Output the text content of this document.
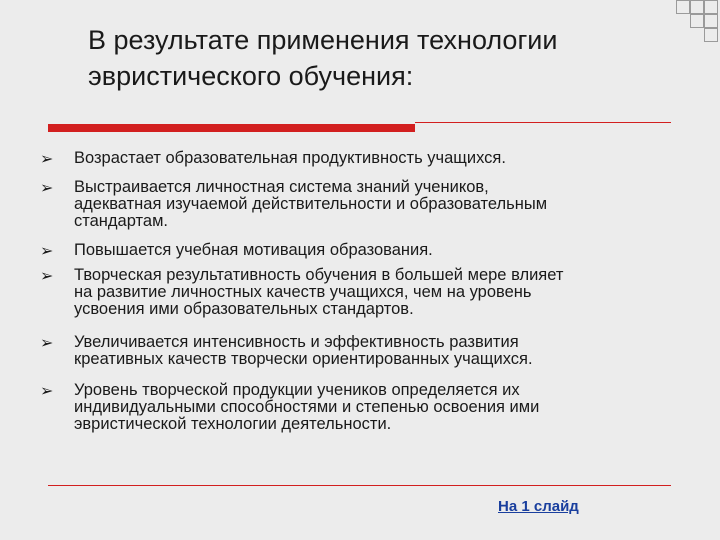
В результате применения технологии
эвристического обучения:
➢ Возрастает образовательная продуктивность учащихся.
➢ Выстраивается личностная система знаний учеников,
адекватная изучаемой действительности и образовательным
стандартам.
➢ Повышается учебная мотивация образования.
➢ Творческая результативность обучения в большей мере влияет
на развитие личностных качеств учащихся, чем на уровень
усвоения ими образовательных стандартов.
➢ Увеличивается интенсивность и эффективность развития
креативных качеств творчески ориентированных учащихся.
➢ Уровень творческой продукции учеников определяется их
индивидуальными способностями и степенью освоения ими
эвристической технологии деятельности.
На 1 слайд
